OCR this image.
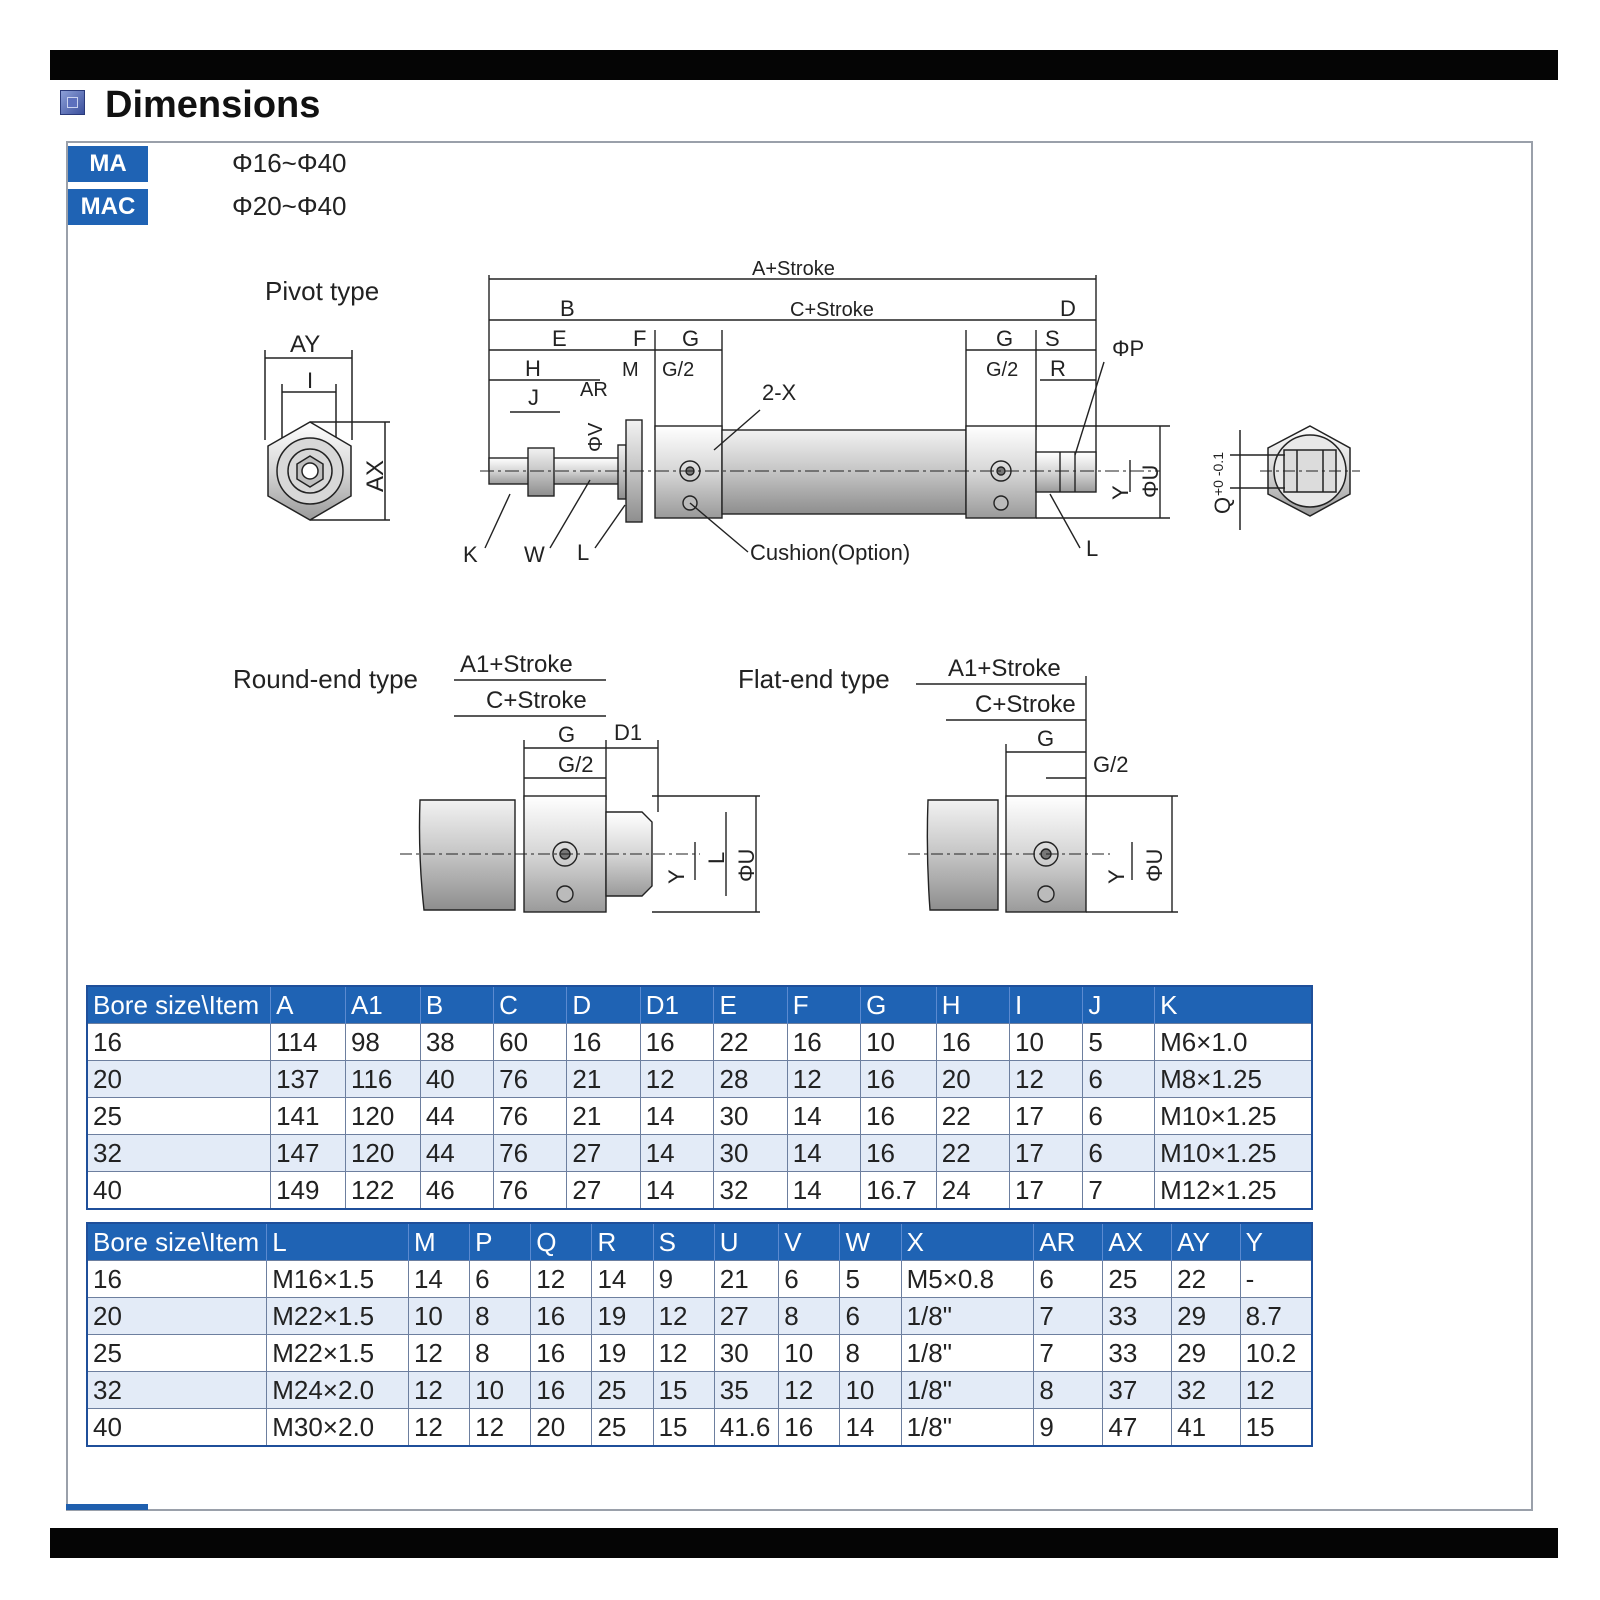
Dimensions
MA	Φ16~Φ40
MAC	Φ20~Φ40
Pivot type
AY
I
AX
A+Stroke
B	C+Stroke	D
E	F G
H	M G/2
AR
J
G S
G/2 R
ΦP
ΦU
Y
2-X
Cushion(Option)
K W L	L
ΦV
Q
+0 -0.1
Round-end type A1+Stroke
C+Stroke
G D1
G/2
ΦU
L
Y
Flat-end type A1+Stroke
C+Stroke
G
G/2
ΦU
Y
Bore size\Item	A	A1	B	C	D	D1	E	F	G	H	I	J	K
16	114	98	38	60	16	16	22	16	10	16	10	5	M6×1.0
20	137	116	40	76	21	12	28	12	16	20	12	6	M8×1.25
25	141	120	44	76	21	14	30	14	16	22	17	6	M10×1.25
32	147	120	44	76	27	14	30	14	16	22	17	6	M10×1.25
40	149	122	46	76	27	14	32	14	16.7	24	17	7	M12×1.25
Bore size\Item	L	M	P	Q	R	S	U	V	W	X	AR	AX	AY	Y
16	M16×1.5	14	6	12	14	9	21	6	5	M5×0.8	6	25	22	-
20	M22×1.5	10	8	16	19	12	27	8	6	1/8"	7	33	29	8.7
25	M22×1.5	12	8	16	19	12	30	10	8	1/8"	7	33	29	10.2
32	M24×2.0	12	10	16	25	15	35	12	10	1/8"	8	37	32	12
40	M30×2.0	12	12	20	25	15	41.6	16	14	1/8"	9	47	41	15
